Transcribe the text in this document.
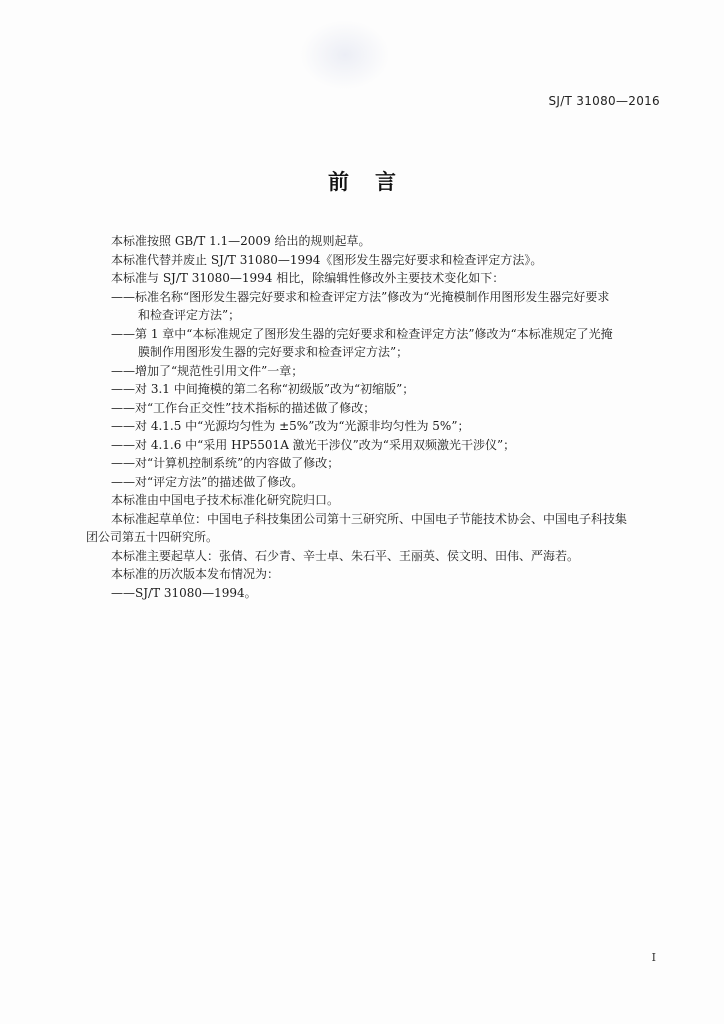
SJ/T 31080—2016
前言

本标准按照 GB/T 1.1—2009 给出的规则起草。

本标准代替并废止 SJ/T 31080—1994《图形发生器完好要求和检查评定方法》。

本标准与 SJ/T 31080—1994 相比，除编辑性修改外主要技术变化如下：

——标准名称“图形发生器完好要求和检查评定方法”修改为“光掩模制作用图形发生器完好要求

和检查评定方法”；

——第 1 章中“本标准规定了图形发生器的完好要求和检查评定方法”修改为“本标准规定了光掩

膜制作用图形发生器的完好要求和检查评定方法”；

——增加了“规范性引用文件”一章；

——对 3.1 中间掩模的第二名称“初级版”改为“初缩版”；

——对“工作台正交性”技术指标的描述做了修改；

——对 4.1.5 中“光源均匀性为 ±5%”改为“光源非均匀性为 5%”；

——对 4.1.6 中“采用 HP5501A 激光干涉仪”改为“采用双频激光干涉仪”；

——对“计算机控制系统”的内容做了修改；

——对“评定方法”的描述做了修改。

本标准由中国电子技术标准化研究院归口。

本标准起草单位：中国电子科技集团公司第十三研究所、中国电子节能技术协会、中国电子科技集

团公司第五十四研究所。

本标准主要起草人：张倩、石少青、辛士卓、朱石平、王丽英、侯文明、田伟、严海若。

本标准的历次版本发布情况为：

——SJ/T 31080—1994。

I
